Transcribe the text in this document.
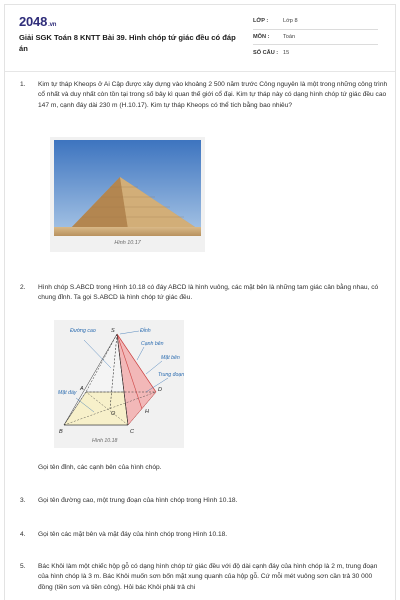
2048.vn
Giải SGK Toán 8 KNTT Bài 39. Hình chóp tứ giác đều có đáp án
LỚP :	Lớp 8
MÔN :	Toán
SỐ CÂU : 15
1.	Kim tự tháp Kheops ở Ai Cập được xây dựng vào khoảng 2 500 năm trước Công nguyên là một trong những công trình cổ nhất và duy nhất còn tồn tại trong số bảy kì quan thế giới cổ đại. Kim tự tháp này có dạng hình chóp tứ giác đều cao 147 m, cạnh đáy dài 230 m (H.10.17). Kim tự tháp Kheops có thể tích bằng bao nhiêu?
Hình 10.17
2.	Hình chóp S.ABCD trong Hình 10.18 có đáy ABCD là hình vuông, các mặt bên là những tam giác cân bằng nhau, có chung đỉnh. Ta gọi S.ABCD là hình chóp tứ giác đều.
Đường cao	Đỉnh
Cạnh bên
Mặt bên
Trung đoạn
Mặt đáy
S
A
B	C
D
O	H
Hình 10.18
Gọi tên đỉnh, các cạnh bên của hình chóp.
3.	Gọi tên đường cao, một trung đoạn của hình chóp trong Hình 10.18.
4.	Gọi tên các mặt bên và mặt đáy của hình chóp trong Hình 10.18.
5.	Bác Khôi làm một chiếc hộp gỗ có dạng hình chóp tứ giác đều với độ dài cạnh đáy của hình chóp là 2 m, trung đoạn của hình chóp là 3 m. Bác Khôi muốn sơn bốn mặt xung quanh của hộp gỗ. Cứ mỗi mét vuông sơn cần trả 30 000 đồng (tiền sơn và tiền công). Hỏi bác Khôi phải trả chi
